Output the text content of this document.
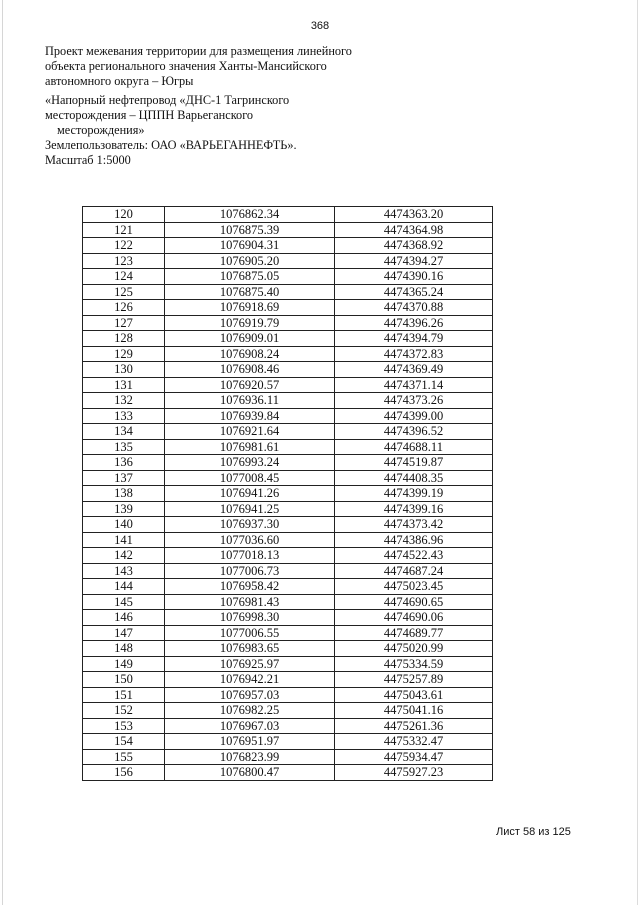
368

Проект межевания территории для размещения линейного

объекта регионального значения Ханты-Мансийского

автономного округа – Югры

«Напорный нефтепровод «ДНС-1 Тагринского

месторождения – ЦППН Варьеганского

месторождения»

Землепользователь: ОАО «ВАРЬЕГАННЕФТЬ».

Масштаб 1:5000

120	1076862.34	4474363.20
121	1076875.39	4474364.98
122	1076904.31	4474368.92
123	1076905.20	4474394.27
124	1076875.05	4474390.16
125	1076875.40	4474365.24
126	1076918.69	4474370.88
127	1076919.79	4474396.26
128	1076909.01	4474394.79
129	1076908.24	4474372.83
130	1076908.46	4474369.49
131	1076920.57	4474371.14
132	1076936.11	4474373.26
133	1076939.84	4474399.00
134	1076921.64	4474396.52
135	1076981.61	4474688.11
136	1076993.24	4474519.87
137	1077008.45	4474408.35
138	1076941.26	4474399.19
139	1076941.25	4474399.16
140	1076937.30	4474373.42
141	1077036.60	4474386.96
142	1077018.13	4474522.43
143	1077006.73	4474687.24
144	1076958.42	4475023.45
145	1076981.43	4474690.65
146	1076998.30	4474690.06
147	1077006.55	4474689.77
148	1076983.65	4475020.99
149	1076925.97	4475334.59
150	1076942.21	4475257.89
151	1076957.03	4475043.61
152	1076982.25	4475041.16
153	1076967.03	4475261.36
154	1076951.97	4475332.47
155	1076823.99	4475934.47
156	1076800.47	4475927.23
Лист 58 из 125
